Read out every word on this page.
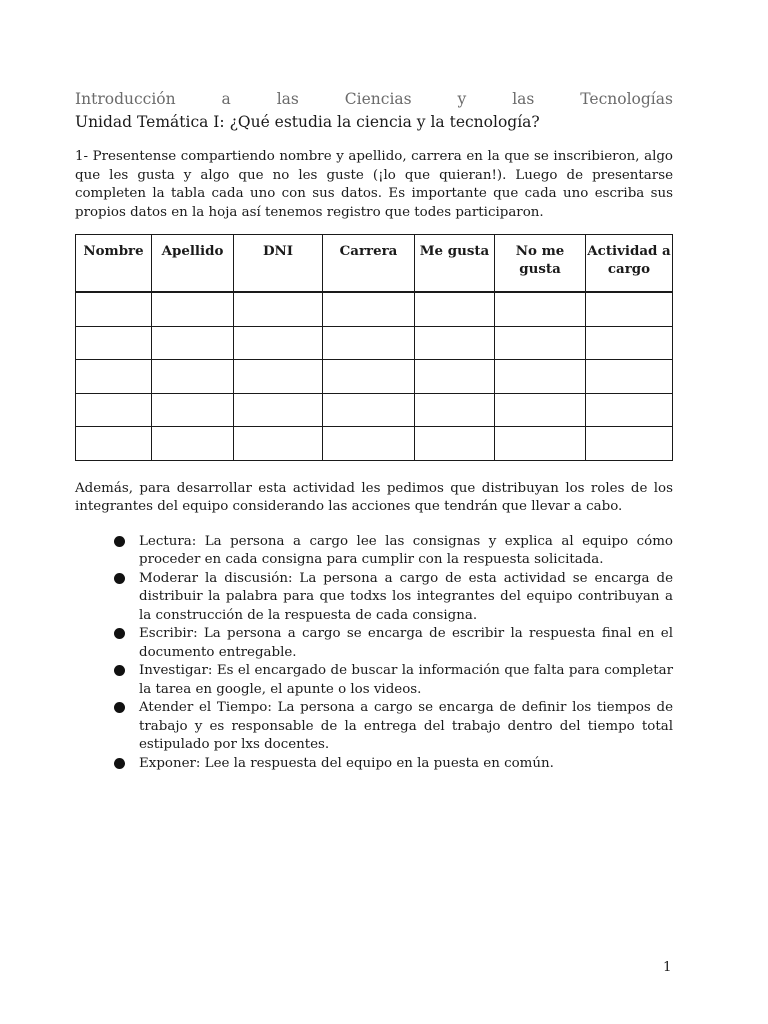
Introducción	a	las	Ciencias	y	las	Tecnologías
Unidad Temática I: ¿Qué estudia la ciencia y la tecnología?

1- Presentense compartiendo nombre y apellido, carrera en la que se inscribieron, algo que les gusta y algo que no les guste (¡lo que quieran!). Luego de presentarse completen la tabla cada uno con sus datos. Es importante que cada uno escriba sus propios datos en la hoja así tenemos registro que todes participaron.

Nombre	Apellido	DNI	Carrera	Me gusta	No me gusta	Actividad a cargo

Además, para desarrollar esta actividad les pedimos que distribuyan los roles de los integrantes del equipo considerando las acciones que tendrán que llevar a cabo.

Lectura: La persona a cargo lee las consignas y explica al equipo cómo proceder en cada consigna para cumplir con la respuesta solicitada.
Moderar la discusión: La persona a cargo de esta actividad se encarga de distribuir la palabra para que todxs los integrantes del equipo contribuyan a la construcción de la respuesta de cada consigna.
Escribir: La persona a cargo se encarga de escribir la respuesta final en el documento entregable.
Investigar: Es el encargado de buscar la información que falta para completar la tarea en google, el apunte o los videos.
Atender el Tiempo: La persona a cargo se encarga de definir los tiempos de trabajo y es responsable de la entrega del trabajo dentro del tiempo total estipulado por lxs docentes.
Exponer: Lee la respuesta del equipo en la puesta en común.
1
